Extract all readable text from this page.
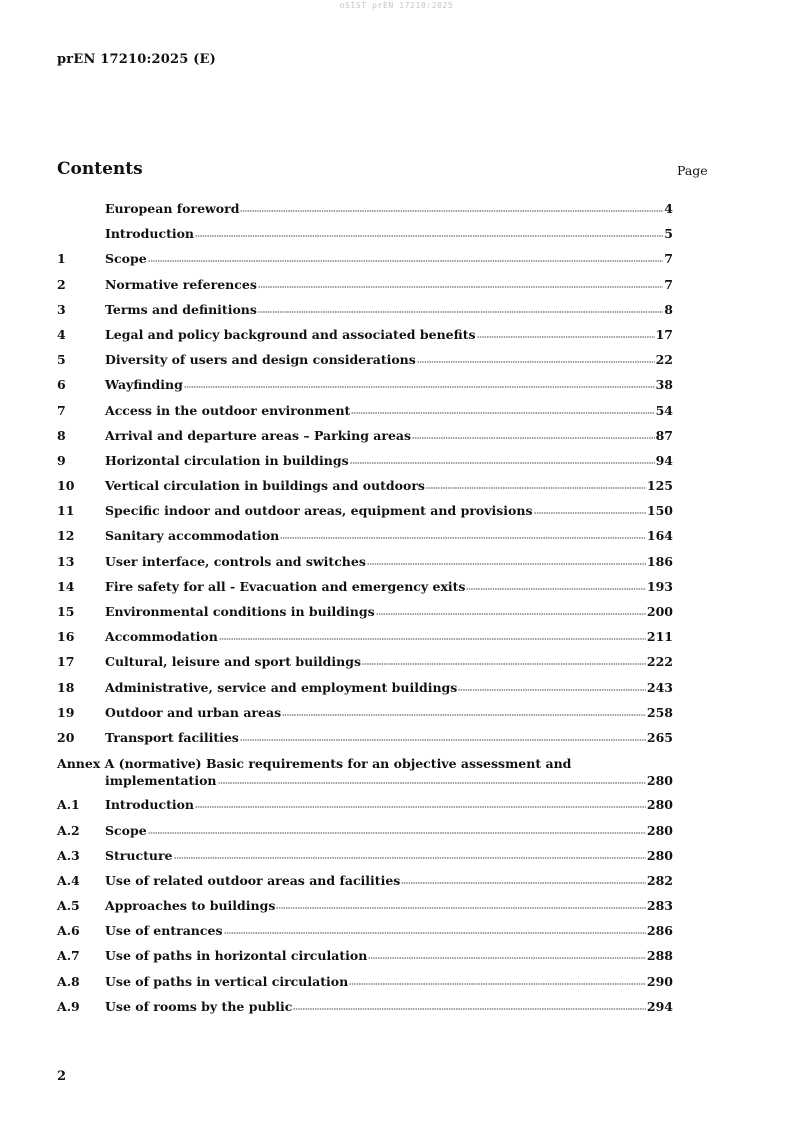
oSIST prEN 17210:2025
prEN 17210:2025 (E)
Contents	Page
European foreword	4
Introduction	5
1	Scope	7
2	Normative references	7
3	Terms and definitions	8
4	Legal and policy background and associated benefits	17
5	Diversity of users and design considerations	22
6	Wayfinding	38
7	Access in the outdoor environment	54
8	Arrival and departure areas – Parking areas	87
9	Horizontal circulation in buildings	94
10	Vertical circulation in buildings and outdoors	125
11	Specific indoor and outdoor areas, equipment and provisions	150
12	Sanitary accommodation	164
13	User interface, controls and switches	186
14	Fire safety for all - Evacuation and emergency exits	193
15	Environmental conditions in buildings	200
16	Accommodation	211
17	Cultural, leisure and sport buildings	222
18	Administrative, service and employment buildings	243
19	Outdoor and urban areas	258
20	Transport facilities	265
Annex A (normative) Basic requirements for an objective assessment and
implementation	280
A.1	Introduction	280
A.2	Scope	280
A.3	Structure	280
A.4	Use of related outdoor areas and facilities	282
A.5	Approaches to buildings	283
A.6	Use of entrances	286
A.7	Use of paths in horizontal circulation	288
A.8	Use of paths in vertical circulation	290
A.9	Use of rooms by the public	294
2
